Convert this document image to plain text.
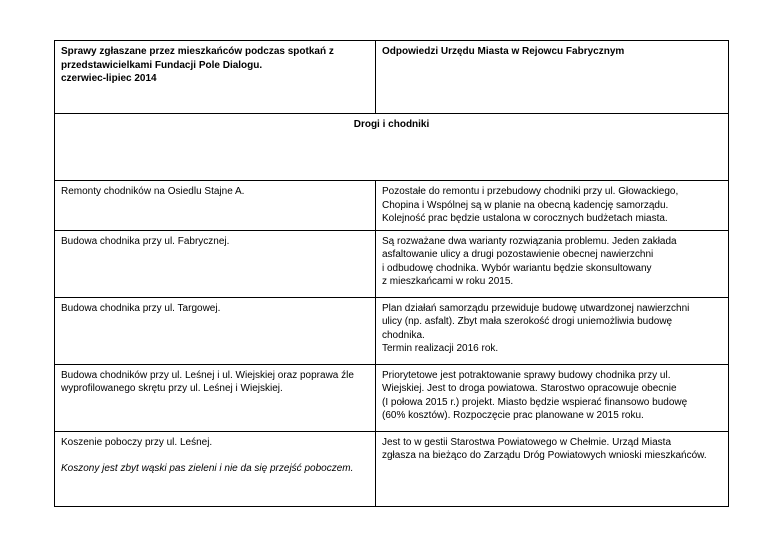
Sprawy zgłaszane przez mieszkańców podczas spotkań z
przedstawicielkami Fundacji Pole Dialogu.
czerwiec-lipiec 2014	Odpowiedzi Urzędu Miasta w Rejowcu Fabrycznym

Drogi i chodniki	

Remonty chodników na Osiedlu Stajne A.	Pozostałe do remontu i przebudowy chodniki przy ul. Głowackiego,
Chopina i Wspólnej są w planie na obecną kadencję samorządu.
Kolejność prac będzie ustalona w corocznych budżetach miasta.

Budowa chodnika przy ul. Fabrycznej.	Są rozważane dwa warianty rozwiązania problemu. Jeden zakłada
asfaltowanie ulicy a drugi pozostawienie obecnej nawierzchni
i odbudowę chodnika. Wybór wariantu będzie skonsultowany
z mieszkańcami w roku 2015.

Budowa chodnika przy ul. Targowej.	Plan działań samorządu przewiduje budowę utwardzonej nawierzchni
ulicy (np. asfalt). Zbyt mała szerokość drogi uniemożliwia budowę
chodnika.
Termin realizacji 2016 rok.

Budowa chodników przy ul. Leśnej i ul. Wiejskiej oraz poprawa źle
wyprofilowanego skrętu przy ul. Leśnej i Wiejskiej.	Priorytetowe jest potraktowanie sprawy budowy chodnika przy ul.
Wiejskiej. Jest to droga powiatowa. Starostwo opracowuje obecnie
(I połowa 2015 r.) projekt. Miasto będzie wspierać finansowo budowę
(60% kosztów). Rozpoczęcie prac planowane w 2015 roku.

Koszenie poboczy przy ul. Leśnej.
Koszony jest zbyt wąski pas zieleni i nie da się przejść poboczem.	Jest to w gestii Starostwa Powiatowego w Chełmie. Urząd Miasta
zgłasza na bieżąco do Zarządu Dróg Powiatowych wnioski mieszkańców.
